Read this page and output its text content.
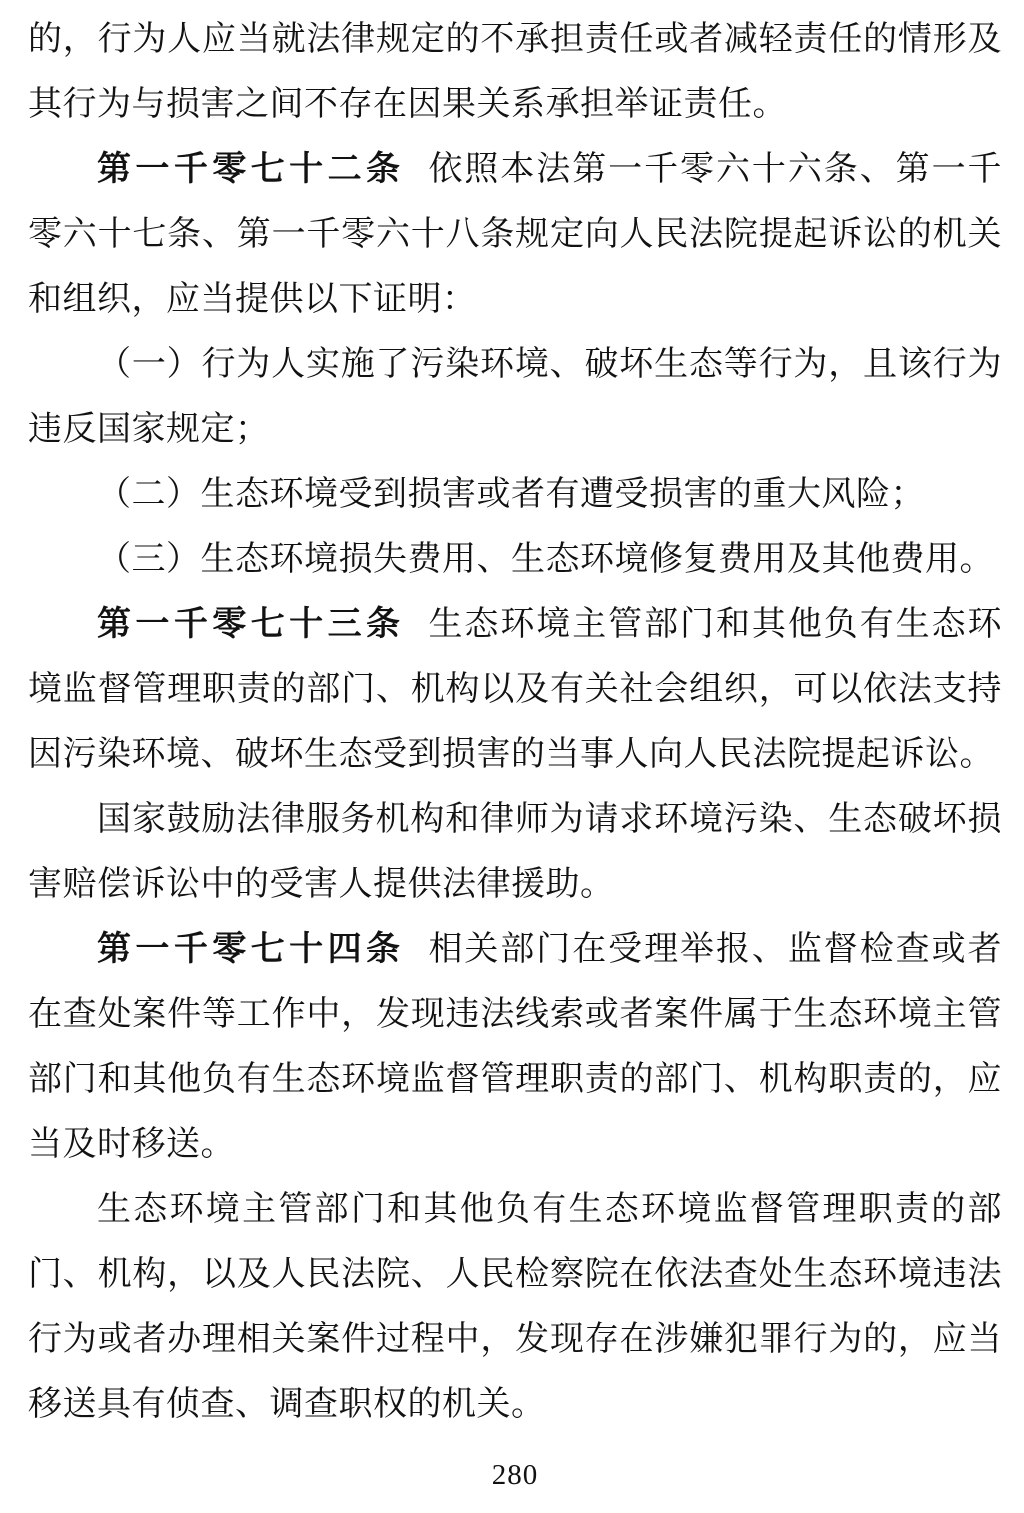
的，行为人应当就法律规定的不承担责任或者减轻责任的情形及其行为与损害之间不存在因果关系承担举证责任。

第一千零七十二条 依照本法第一千零六十六条、第一千零六十七条、第一千零六十八条规定向人民法院提起诉讼的机关和组织，应当提供以下证明：

（一）行为人实施了污染环境、破坏生态等行为，且该行为违反国家规定；

（二）生态环境受到损害或者有遭受损害的重大风险；

（三）生态环境损失费用、生态环境修复费用及其他费用。

第一千零七十三条 生态环境主管部门和其他负有生态环境监督管理职责的部门、机构以及有关社会组织，可以依法支持因污染环境、破坏生态受到损害的当事人向人民法院提起诉讼。

国家鼓励法律服务机构和律师为请求环境污染、生态破坏损害赔偿诉讼中的受害人提供法律援助。

第一千零七十四条 相关部门在受理举报、监督检查或者在查处案件等工作中，发现违法线索或者案件属于生态环境主管部门和其他负有生态环境监督管理职责的部门、机构职责的，应当及时移送。

生态环境主管部门和其他负有生态环境监督管理职责的部门、机构，以及人民法院、人民检察院在依法查处生态环境违法行为或者办理相关案件过程中，发现存在涉嫌犯罪行为的，应当移送具有侦查、调查职权的机关。

280
